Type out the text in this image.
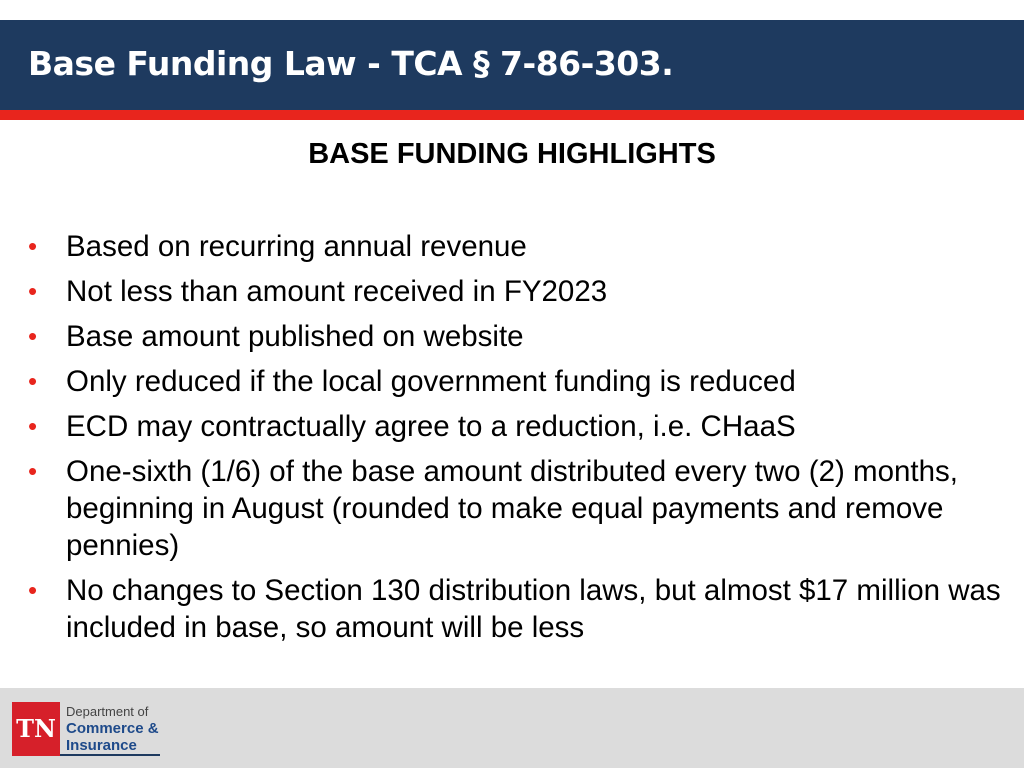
Base Funding Law - TCA § 7-86-303.
BASE FUNDING HIGHLIGHTS
• Based on recurring annual revenue
• Not less than amount received in FY2023
• Base amount published on website
• Only reduced if the local government funding is reduced
• ECD may contractually agree to a reduction, i.e. CHaaS
• One-sixth (1/6) of the base amount distributed every two (2) months, beginning in August (rounded to make equal payments and remove pennies)
• No changes to Section 130 distribution laws, but almost $17 million was included in base, so amount will be less
TN
Department of
Commerce &
Insurance
